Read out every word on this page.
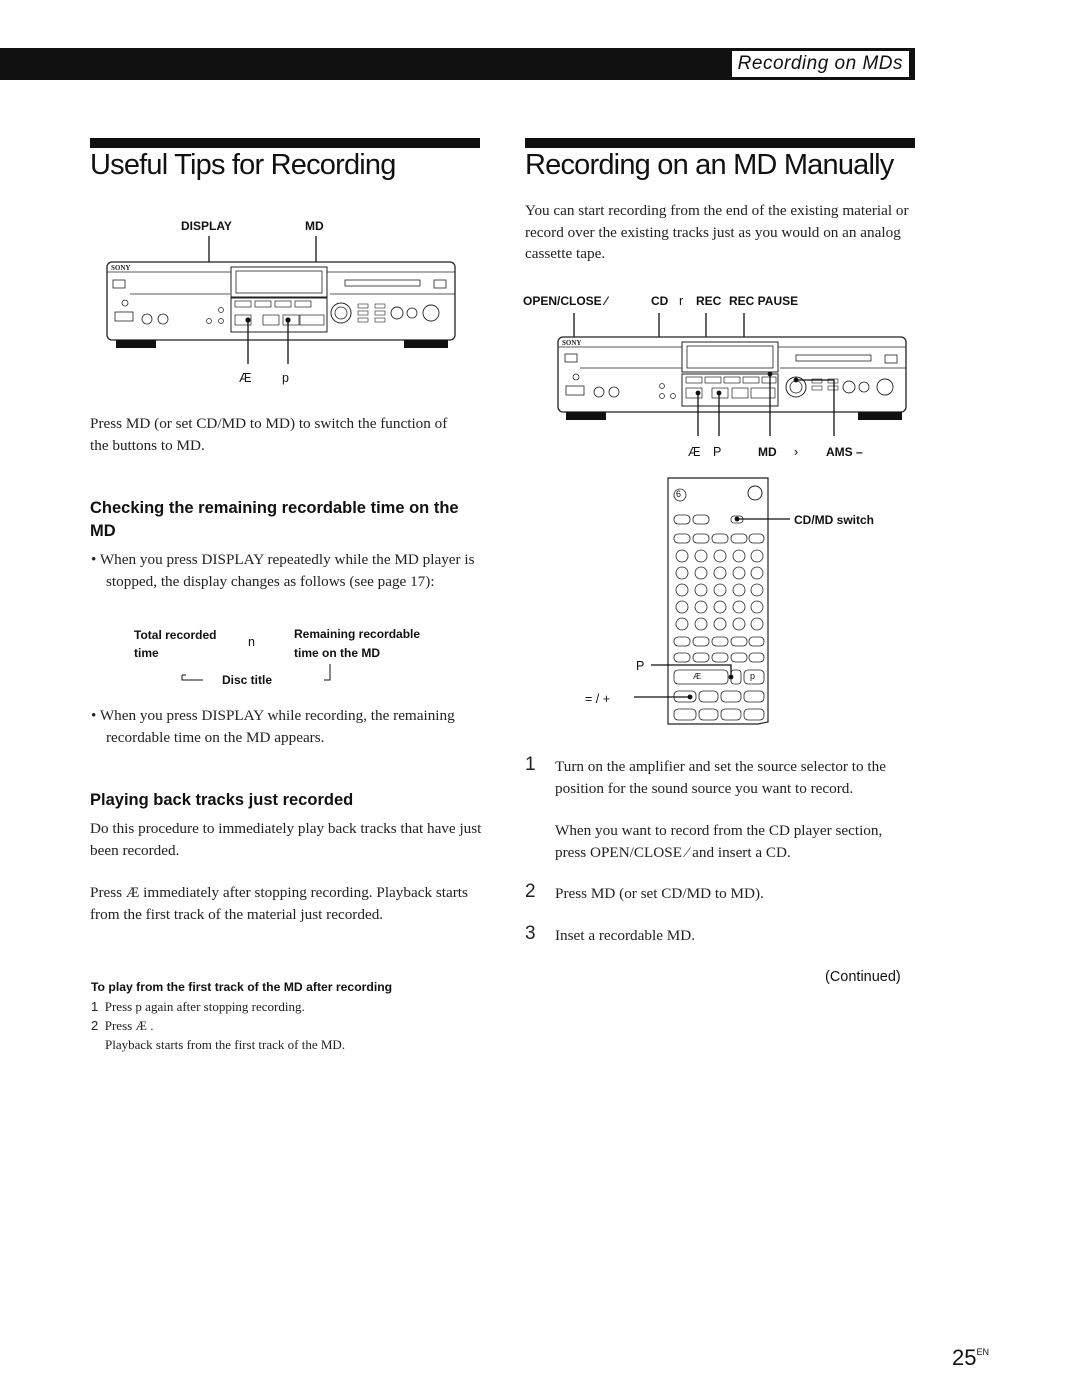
Recording on MDs
Useful Tips for Recording
DISPLAY	MD
SONY
Æ p
Press MD (or set CD/MD to MD) to switch the function of the buttons to MD.
Checking the remaining recordable time on the MD
• When you press DISPLAY repeatedly while the MD player is stopped, the display changes as follows (see page 17):
Total recorded
time
n
Remaining recordable
time on the MD
Disc title
• When you press DISPLAY while recording, the remaining recordable time on the MD appears.
Playing back tracks just recorded
Do this procedure to immediately play back tracks that have just been recorded.
Press Æ immediately after stopping recording. Playback starts from the first track of the material just recorded.
To play from the first track of the MD after recording
1 Press p again after stopping recording.
2 Press Æ .
Playback starts from the first track of the MD.
Recording on an MD Manually
You can start recording from the end of the existing material or record over the existing tracks just as you would on an analog cassette tape.
OPEN/CLOSE ⁄	CD r REC REC PAUSE
SONY
Æ P	MD › AMS –
6
CD/MD switch
P
Æ	p
= / +
1 Turn on the amplifier and set the source selector to the position for the sound source you want to record.
When you want to record from the CD player section, press OPEN/CLOSE ⁄ and insert a CD.
2 Press MD (or set CD/MD to MD).
3 Inset a recordable MD.
(Continued)
$25^{EN}$
